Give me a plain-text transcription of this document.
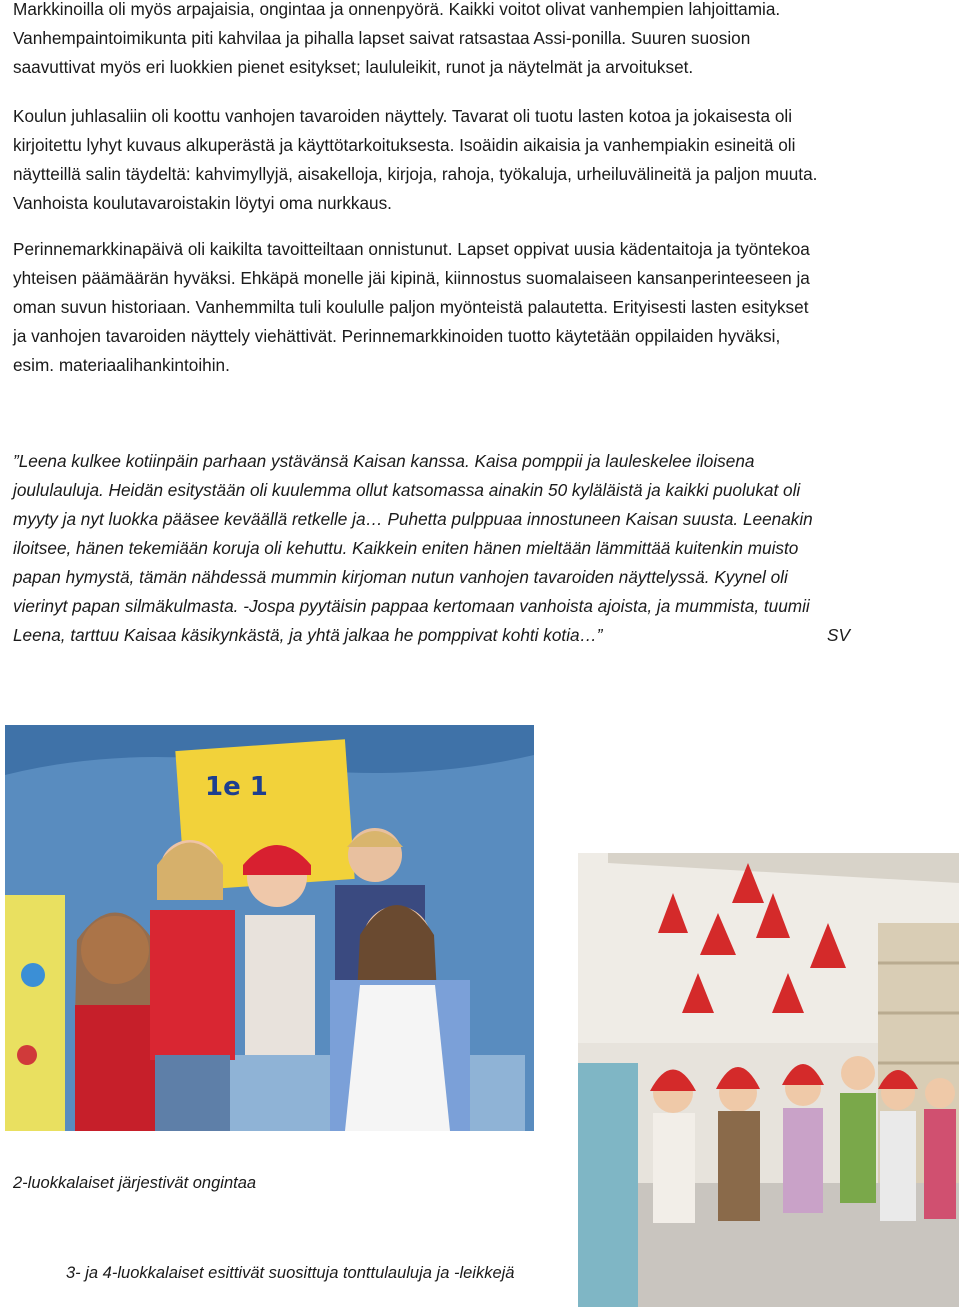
Markkinoilla oli myös arpajaisia, ongintaa ja onnenpyörä. Kaikki voitot olivat vanhempien lahjoittamia.
Vanhempaintoimikunta piti kahvilaa ja pihalla lapset saivat ratsastaa Assi-ponilla. Suuren suosion
saavuttivat myös eri luokkien pienet esitykset; laululeikit, runot ja näytelmät ja arvoitukset.

Koulun juhlasaliin oli koottu vanhojen tavaroiden näyttely. Tavarat oli tuotu lasten kotoa ja jokaisesta oli
kirjoitettu lyhyt kuvaus alkuperästä ja käyttötarkoituksesta. Isoäidin aikaisia ja vanhempiakin esineitä oli
näytteillä salin täydeltä: kahvimyllyjä, aisakelloja, kirjoja, rahoja, työkaluja, urheiluvälineitä ja paljon muuta.
Vanhoista koulutavaroistakin löytyi oma nurkkaus.

Perinnemarkkinapäivä oli kaikilta tavoitteiltaan onnistunut. Lapset oppivat uusia kädentaitoja ja työntekoa
yhteisen päämäärän hyväksi. Ehkäpä monelle jäi kipinä, kiinnostus suomalaiseen kansanperinteeseen ja
oman suvun historiaan. Vanhemmilta tuli koululle paljon myönteistä palautetta. Erityisesti lasten esitykset
ja vanhojen tavaroiden näyttely viehättivät. Perinnemarkkinoiden tuotto käytetään oppilaiden hyväksi,
esim. materiaalihankintoihin.

”Leena kulkee kotiinpäin parhaan ystävänsä Kaisan kanssa. Kaisa pomppii ja lauleskelee iloisena
joululauluja. Heidän esitystään oli kuulemma ollut katsomassa ainakin 50 kyläläistä ja kaikki puolukat oli
myyty ja nyt luokka pääsee keväällä retkelle ja… Puhetta pulppuaa innostuneen Kaisan suusta. Leenakin
iloitsee, hänen tekemiään koruja oli kehuttu. Kaikkein eniten hänen mieltään lämmittää kuitenkin muisto
papan hymystä, tämän nähdessä mummin kirjoman nutun vanhojen tavaroiden näyttelyssä. Kyynel oli
vierinyt papan silmäkulmasta. -Jospa pyytäisin pappaa kertomaan vanhoista ajoista, ja mummista, tuumii
Leena, tarttuu Kaisaa käsikynkästä, ja yhtä jalkaa he pomppivat kohti kotia…”	SV

1e 1
2-luokkalaiset järjestivät ongintaa
3- ja 4-luokkalaiset esittivät suosittuja tonttulauluja ja -leikkejä
